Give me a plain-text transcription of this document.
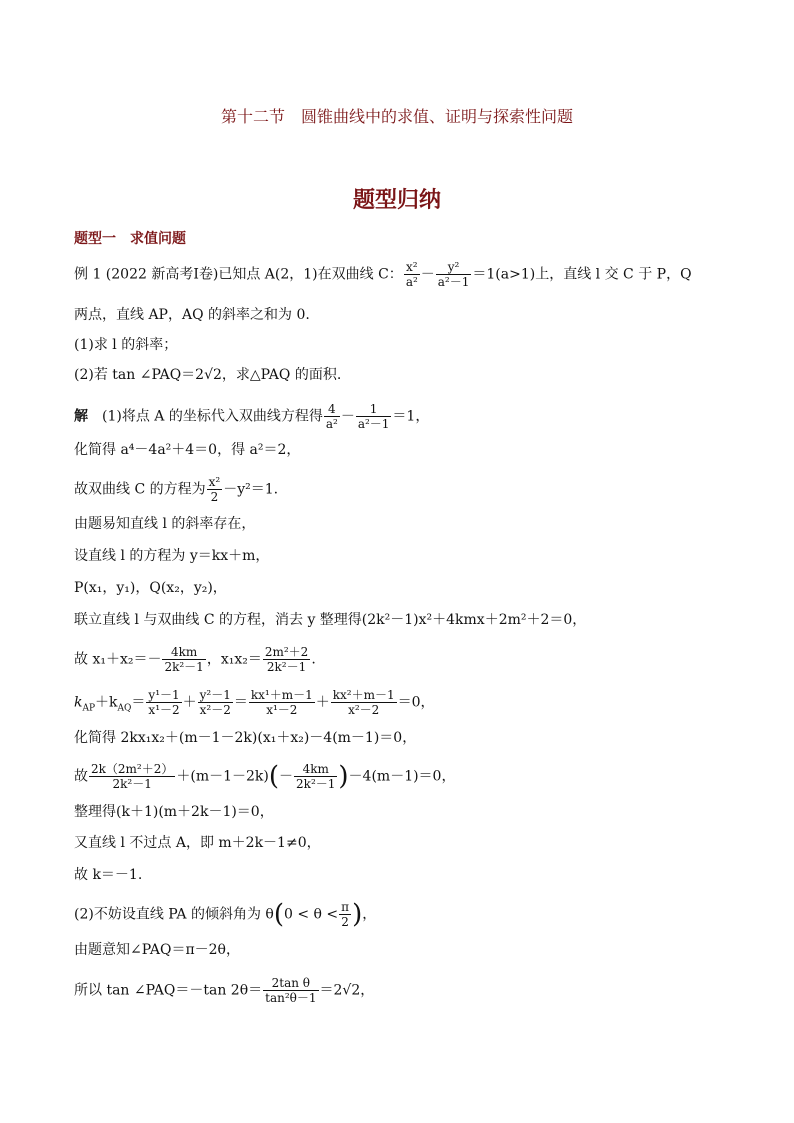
第十二节　圆锥曲线中的求值、证明与探索性问题
题型归纳
题型一　求值问题
例 1 (2022 新高考Ⅰ卷)已知点 A(2，1)在双曲线 C： $\frac{\text{x²}}{\text{a²}} - \frac{\text{y²}}{\text{a²－1}} =1(a>1)$上，直线 l 交 C 于 P，Q
两点，直线 AP，AQ 的斜率之和为 0.
(1)求 l 的斜率；
(2)若 tan ∠PAQ＝2√2，求△PAQ 的面积.
解　 (1)将点 A 的坐标代入双曲线方程得 $\frac{4}{\text{a²}} - \frac{1}{\text{a²－1}} =1$，
化简得 a⁴－4a²＋4＝0，得 a²＝2，
故双曲线 C 的方程为 $\frac{\text{x²}}{2} -y^2=1$.
由题易知直线 l 的斜率存在，
设直线 l 的方程为 y＝kx＋m，
P(x₁，y₁)，Q(x₂，y₂)，
联立直线 l 与双曲线 C 的方程，消去 y 整理得(2k²－1)x²＋4kmx＋2m²＋2＝0，
故 $x_1+x_2=- \frac{4km}{\text{2k²－1}}$ ，$x_1x_2= \frac{\text{2m²＋2}}{\text{2k²－1}}$ .
$k_{AP}+k_{AQ}= \frac{\text{y¹－1}}{\text{x¹－2}} + \frac{\text{y²－1}}{\text{x²－2}} = \frac{\text{kx¹＋m－1}}{\text{x¹－2}} + \frac{\text{kx²＋m－1}}{\text{x²－2}} =0$，
化简得 2kx₁x₂＋(m－1－2k)(x₁＋x₂)－4(m－1)＝0，
故 $\frac{\text{2k（2m²＋2）}}{\text{2k²－1}} +(m-1-2k)(- \frac{4km}{\text{2k²－1}} )-4(m-1)=0$，
整理得(k＋1)(m＋2k－1)＝0，
又直线 l 不过点 A，即 m＋2k－1≠0，
故 k＝－1.
(2)不妨设直线 PA 的倾斜角为 $\theta(0 < \theta < \frac{\pi}{2}$ )，
由题意知∠PAQ＝π－2θ，
所以 tan ∠PAQ＝－tan $2\theta= \frac{\text{2tan θ}}{\text{tan²θ－1}} =2√2$，
